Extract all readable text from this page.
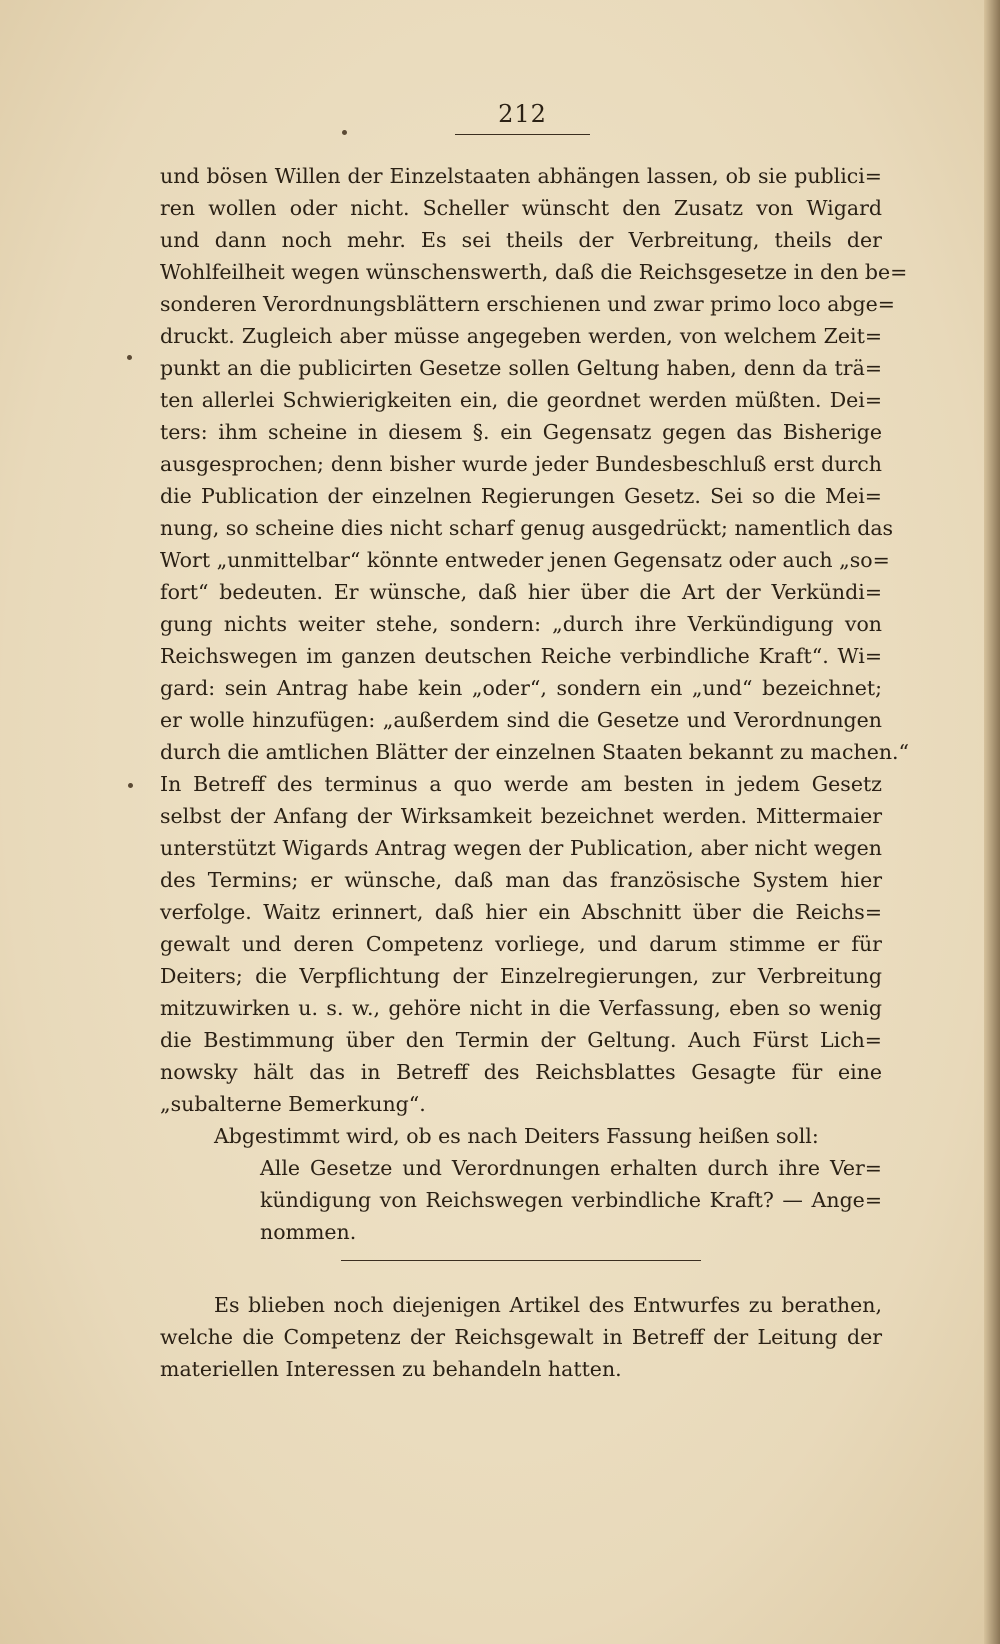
212
und bösen Willen der Einzelstaaten abhängen lassen, ob sie publici=
ren wollen oder nicht. Scheller wünscht den Zusatz von Wigard
und dann noch mehr. Es sei theils der Verbreitung, theils der
Wohlfeilheit wegen wünschenswerth, daß die Reichsgesetze in den be=
sonderen Verordnungsblättern erschienen und zwar primo loco abge=
druckt. Zugleich aber müsse angegeben werden, von welchem Zeit=
punkt an die publicirten Gesetze sollen Geltung haben, denn da trä=
ten allerlei Schwierigkeiten ein, die geordnet werden müßten. Dei=
ters: ihm scheine in diesem §. ein Gegensatz gegen das Bisherige
ausgesprochen; denn bisher wurde jeder Bundesbeschluß erst durch
die Publication der einzelnen Regierungen Gesetz. Sei so die Mei=
nung, so scheine dies nicht scharf genug ausgedrückt; namentlich das
Wort „unmittelbar“ könnte entweder jenen Gegensatz oder auch „so=
fort“ bedeuten. Er wünsche, daß hier über die Art der Verkündi=
gung nichts weiter stehe, sondern: „durch ihre Verkündigung von
Reichswegen im ganzen deutschen Reiche verbindliche Kraft“. Wi=
gard: sein Antrag habe kein „oder“, sondern ein „und“ bezeichnet;
er wolle hinzufügen: „außerdem sind die Gesetze und Verordnungen
durch die amtlichen Blätter der einzelnen Staaten bekannt zu machen.“
In Betreff des terminus a quo werde am besten in jedem Gesetz
selbst der Anfang der Wirksamkeit bezeichnet werden. Mittermaier
unterstützt Wigards Antrag wegen der Publication, aber nicht wegen
des Termins; er wünsche, daß man das französische System hier
verfolge. Waitz erinnert, daß hier ein Abschnitt über die Reichs=
gewalt und deren Competenz vorliege, und darum stimme er für
Deiters; die Verpflichtung der Einzelregierungen, zur Verbreitung
mitzuwirken u. s. w., gehöre nicht in die Verfassung, eben so wenig
die Bestimmung über den Termin der Geltung. Auch Fürst Lich=
nowsky hält das in Betreff des Reichsblattes Gesagte für eine
„subalterne Bemerkung“.
Abgestimmt wird, ob es nach Deiters Fassung heißen soll:
Alle Gesetze und Verordnungen erhalten durch ihre Ver=
kündigung von Reichswegen verbindliche Kraft? — Ange=
nommen.
Es blieben noch diejenigen Artikel des Entwurfes zu berathen,
welche die Competenz der Reichsgewalt in Betreff der Leitung der
materiellen Interessen zu behandeln hatten.
